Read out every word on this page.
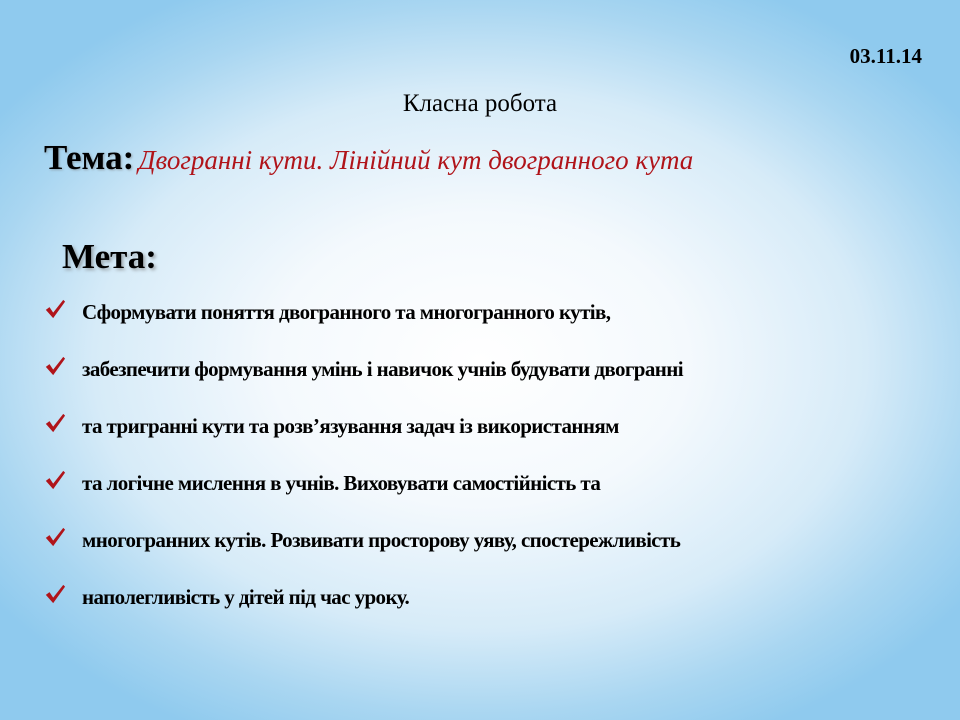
03.11.14
Класна робота
Тема: Двогранні кути. Лінійний кут двогранного кута
Мета:
Сформувати поняття двогранного та многогранного кутів,
забезпечити формування умінь і навичок учнів будувати двогранні
та тригранні кути та розв’язування задач із використанням
та логічне мислення в учнів. Виховувати самостійність та
многогранних кутів. Розвивати просторову уяву, спостережливість
наполегливість у дітей під час уроку.
